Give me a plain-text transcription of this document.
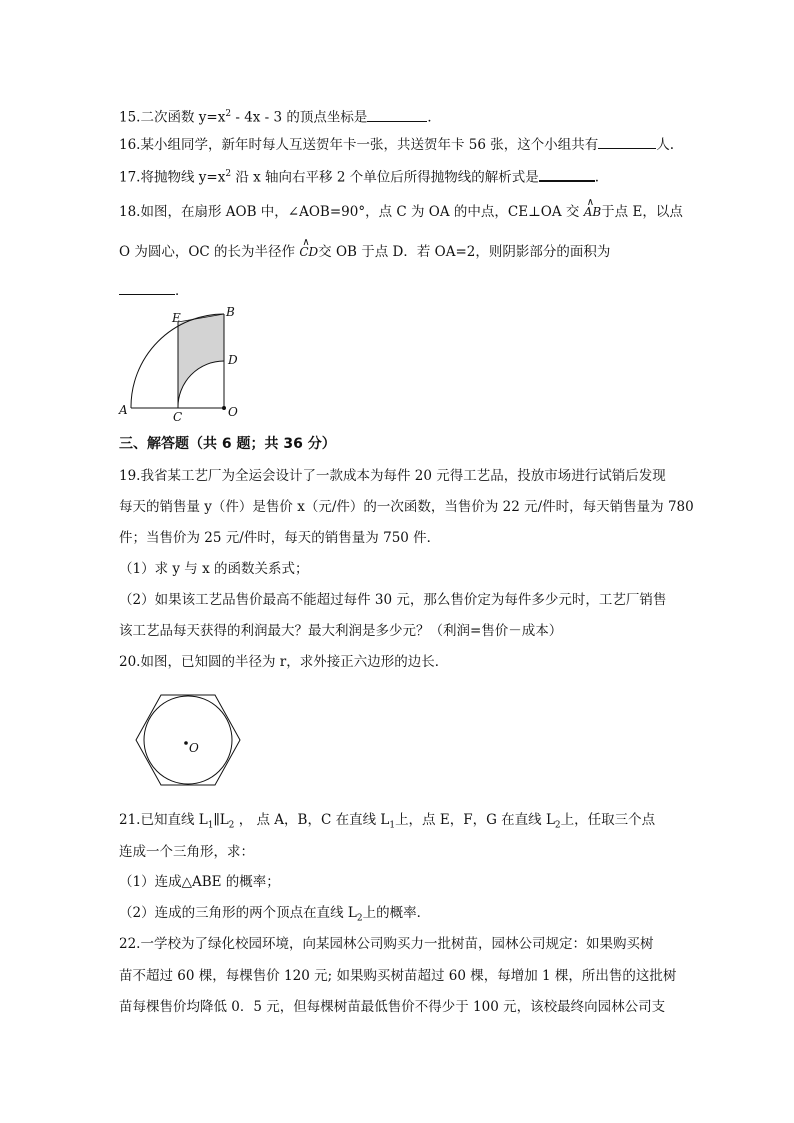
15.二次函数 $y=x^2 - 4x - 3$ 的顶点坐标是	．
16.某小组同学，新年时每人互送贺年卡一张，共送贺年卡 56 张，这个小组共有	人.
17.将抛物线 $y=x^2$ 沿 x 轴向右平移 2 个单位后所得抛物线的解析式是	.
18.如图，在扇形 AOB 中，∠AOB=90°，点 C 为 OA 的中点，CE⊥OA 交
∧
AB于点 E，以点
O 为圆心，OC 的长为半径作
∧
CD交 OB 于点 D．若 OA=2，则阴影部分的面积为
．
E	B
D
A	C	O
三、解答题（共 6 题；共 36 分）
19.我省某工艺厂为全运会设计了一款成本为每件 20 元得工艺品，投放市场进行试销后发现
每天的销售量 y（件）是售价 x（元/件）的一次函数，当售价为 22 元/件时，每天销售量为 780
件；当售价为 25 元/件时，每天的销售量为 750 件．
（1）求 y 与 x 的函数关系式；
（2）如果该工艺品售价最高不能超过每件 30 元，那么售价定为每件多少元时，工艺厂销售
该工艺品每天获得的利润最大？最大利润是多少元？（利润=售价－成本）
20.如图，已知圆的半径为 r，求外接正六边形的边长．
O
21.已知直线 $L_1\parallel L_2$ ， 点 A，B，C 在直线 $L_1$上，点 E，F，G 在直线 $L_2$上，任取三个点
连成一个三角形，求：
（1）连成△ABE 的概率；
（2）连成的三角形的两个顶点在直线 $L_2$上的概率．
22.一学校为了绿化校园环境，向某园林公司购买力一批树苗，园林公司规定：如果购买树
苗不超过 60 棵，每棵售价 120 元; 如果购买树苗超过 60 棵，每增加 1 棵，所出售的这批树
苗每棵售价均降低 0．5 元，但每棵树苗最低售价不得少于 100 元，该校最终向园林公司支
